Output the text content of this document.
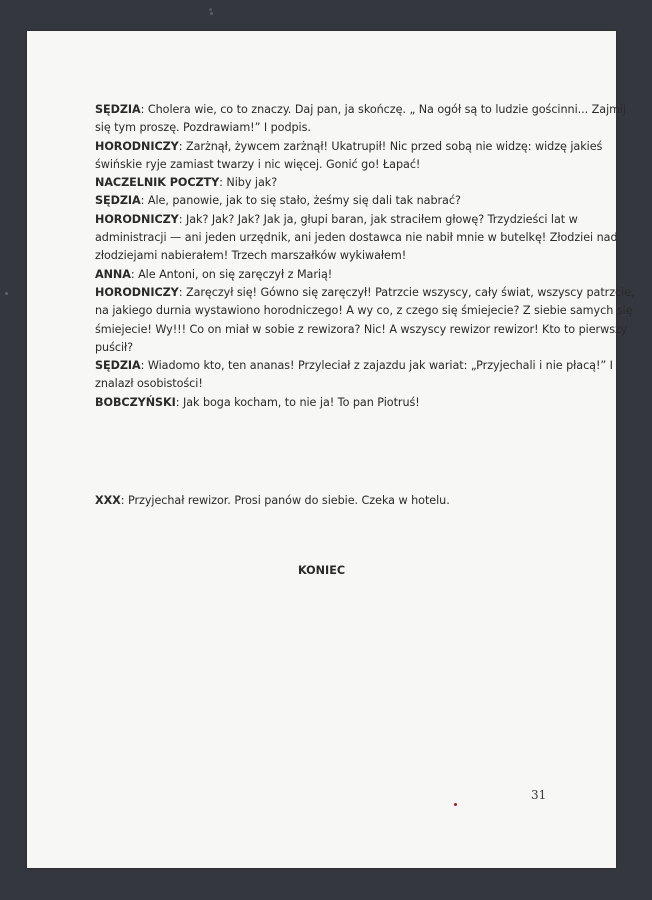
SĘDZIA: Cholera wie, co to znaczy. Daj pan, ja skończę. „ Na ogół są to ludzie gościnni... Zajmij

się tym proszę. Pozdrawiam!” I podpis.

HORODNICZY: Zarżnął, żywcem zarżnął! Ukatrupił! Nic przed sobą nie widzę: widzę jakieś

świńskie ryje zamiast twarzy i nic więcej. Gonić go! Łapać!

NACZELNIK POCZTY: Niby jak?

SĘDZIA: Ale, panowie, jak to się stało, żeśmy się dali tak nabrać?

HORODNICZY: Jak? Jak? Jak? Jak ja, głupi baran, jak straciłem głowę? Trzydzieści lat w

administracji — ani jeden urzędnik, ani jeden dostawca nie nabił mnie w butelkę! Złodziei nad

złodziejami nabierałem! Trzech marszałków wykiwałem!

ANNA: Ale Antoni, on się zaręczył z Marią!

HORODNICZY: Zaręczył się! Gówno się zaręczył! Patrzcie wszyscy, cały świat, wszyscy patrzcie,

na jakiego durnia wystawiono horodniczego! A wy co, z czego się śmiejecie? Z siebie samych się

śmiejecie! Wy!!! Co on miał w sobie z rewizora? Nic! A wszyscy rewizor rewizor! Kto to pierwszy

puścił?

SĘDZIA: Wiadomo kto, ten ananas! Przyleciał z zajazdu jak wariat: „Przyjechali i nie płacą!” I

znalazł osobistości!

BOBCZYŃSKI: Jak boga kocham, to nie ja! To pan Piotruś!

XXX: Przyjechał rewizor. Prosi panów do siebie. Czeka w hotelu.

KONIEC
31
